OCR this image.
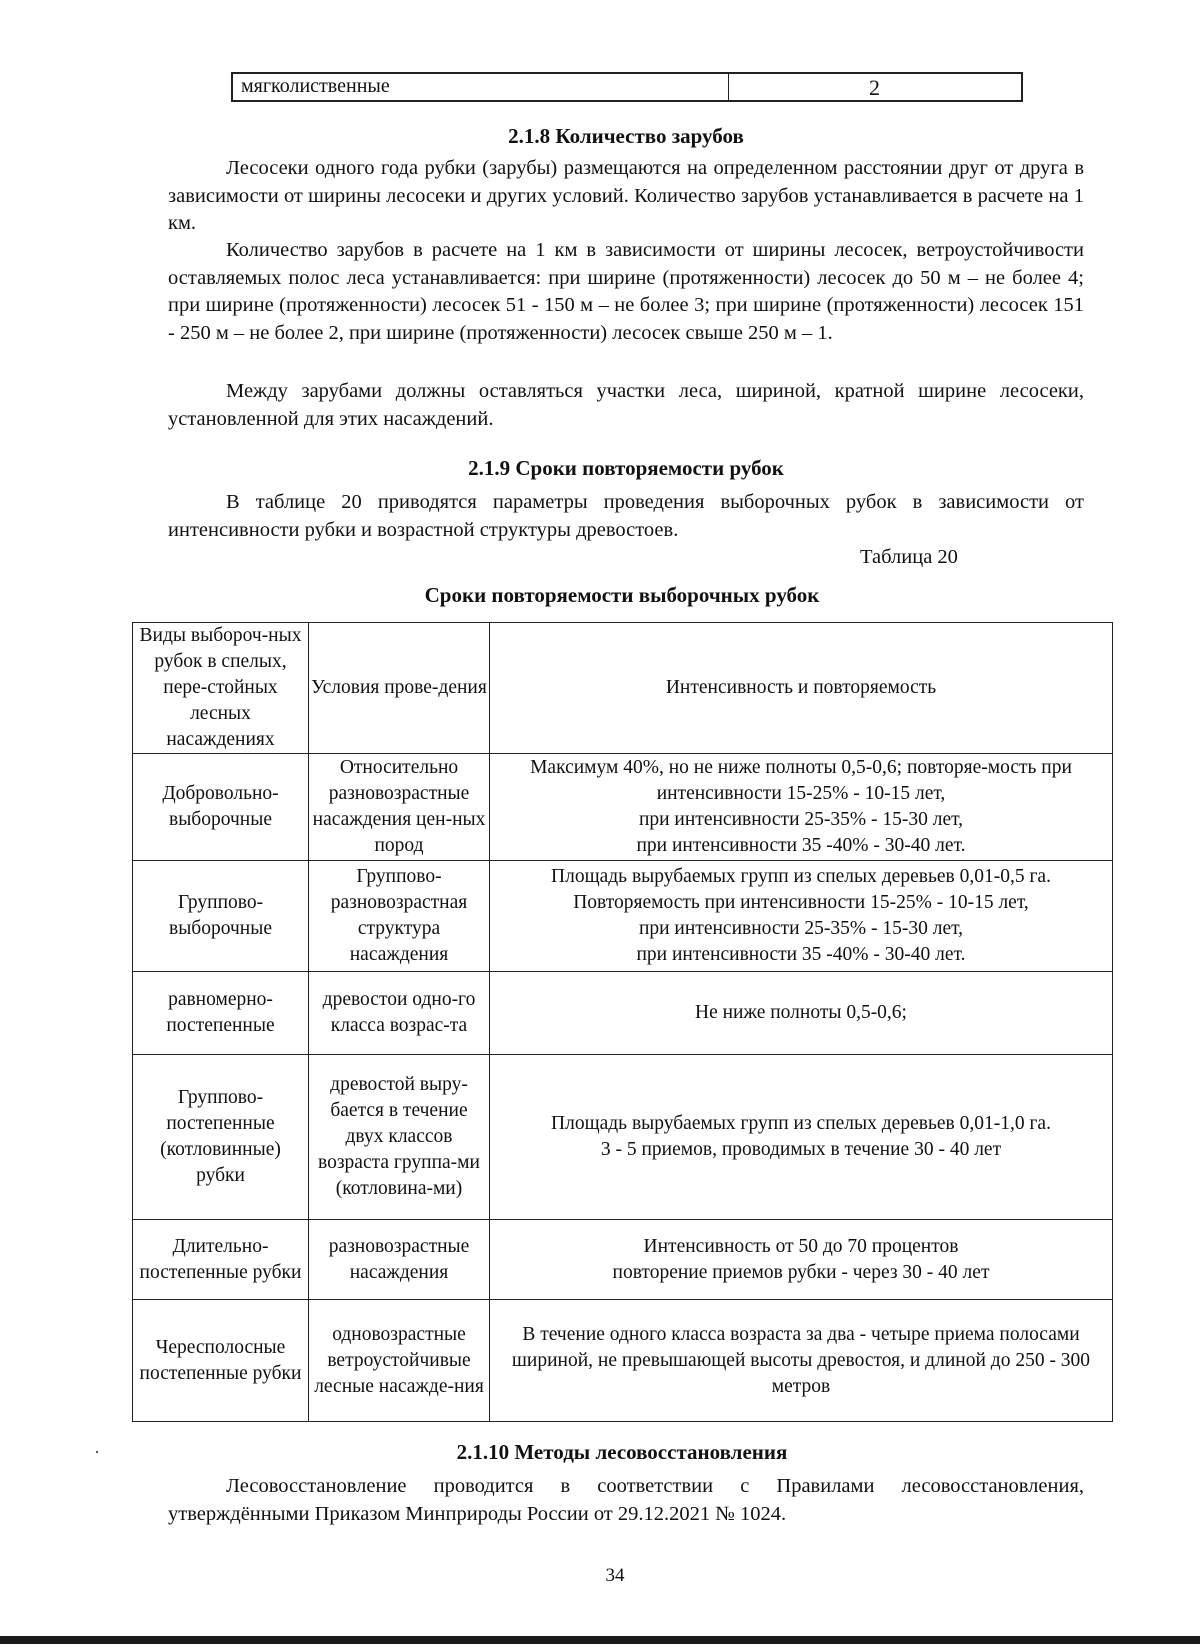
мягколиственные	2
2.1.8 Количество зарубов
Лесосеки одного года рубки (зарубы) размещаются на определенном расстоянии друг от друга в зависимости от ширины лесосеки и других условий. Количество зарубов устанавливается в расчете на 1 км.
Количество зарубов в расчете на 1 км в зависимости от ширины лесосек, ветроустойчивости оставляемых полос леса устанавливается: при ширине (протяженности) лесосек до 50 м – не более 4; при ширине (протяженности) лесосек 51 - 150 м – не более 3; при ширине (протяженности) лесосек 151 - 250 м – не более 2, при ширине (протяженности) лесосек свыше 250 м – 1.
Между зарубами должны оставляться участки леса, шириной, кратной ширине лесосеки, установленной для этих насаждений.
2.1.9 Сроки повторяемости рубок
В таблице 20 приводятся параметры проведения выборочных рубок в зависимости от интенсивности рубки и возрастной структуры древостоев.
Таблица 20
Сроки повторяемости выборочных рубок
Виды выбороч-ных рубок в спелых, пере-стойных лесных насаждениях	Условия прове-дения	Интенсивность и повторяемость
Добровольно-выборочные	Относительно разновозрастные насаждения цен-ных пород	Максимум 40%, но не ниже полноты 0,5-0,6; повторяе-мость при интенсивности 15-25% - 10-15 лет,
при интенсивности 25-35% - 15-30 лет,
при интенсивности 35 -40% - 30-40 лет.

Группово-выборочные	Группово-разновозрастная структура насаждения	Площадь вырубаемых групп из спелых деревьев 0,01-0,5 га.
Повторяемость при интенсивности 15-25% - 10-15 лет,
при интенсивности 25-35% - 15-30 лет,
при интенсивности 35 -40% - 30-40 лет.

равномерно-постепенные	древостои одно-го класса возрас-та	Не ниже полноты 0,5-0,6;

Группово-постепенные (котловинные) рубки	древостой выру-бается в течение двух классов возраста группа-ми (котловина-ми)	Площадь вырубаемых групп из спелых деревьев 0,01-1,0 га.
3 - 5 приемов, проводимых в течение 30 - 40 лет

Длительно-постепенные рубки	разновозрастные насаждения	Интенсивность от 50 до 70 процентов
повторение приемов рубки - через 30 - 40 лет

Чересполосные постепенные рубки	одновозрастные ветроустойчивые лесные насажде-ния	В течение одного класса возраста за два - четыре приема полосами шириной, не превышающей высоты древостоя, и длиной до 250 - 300 метров
2.1.10 Методы лесовосстановления
Лесовосстановление проводится в соответствии с Правилами лесовосстановления, утверждёнными Приказом Минприроды России от 29.12.2021 № 1024.
34
